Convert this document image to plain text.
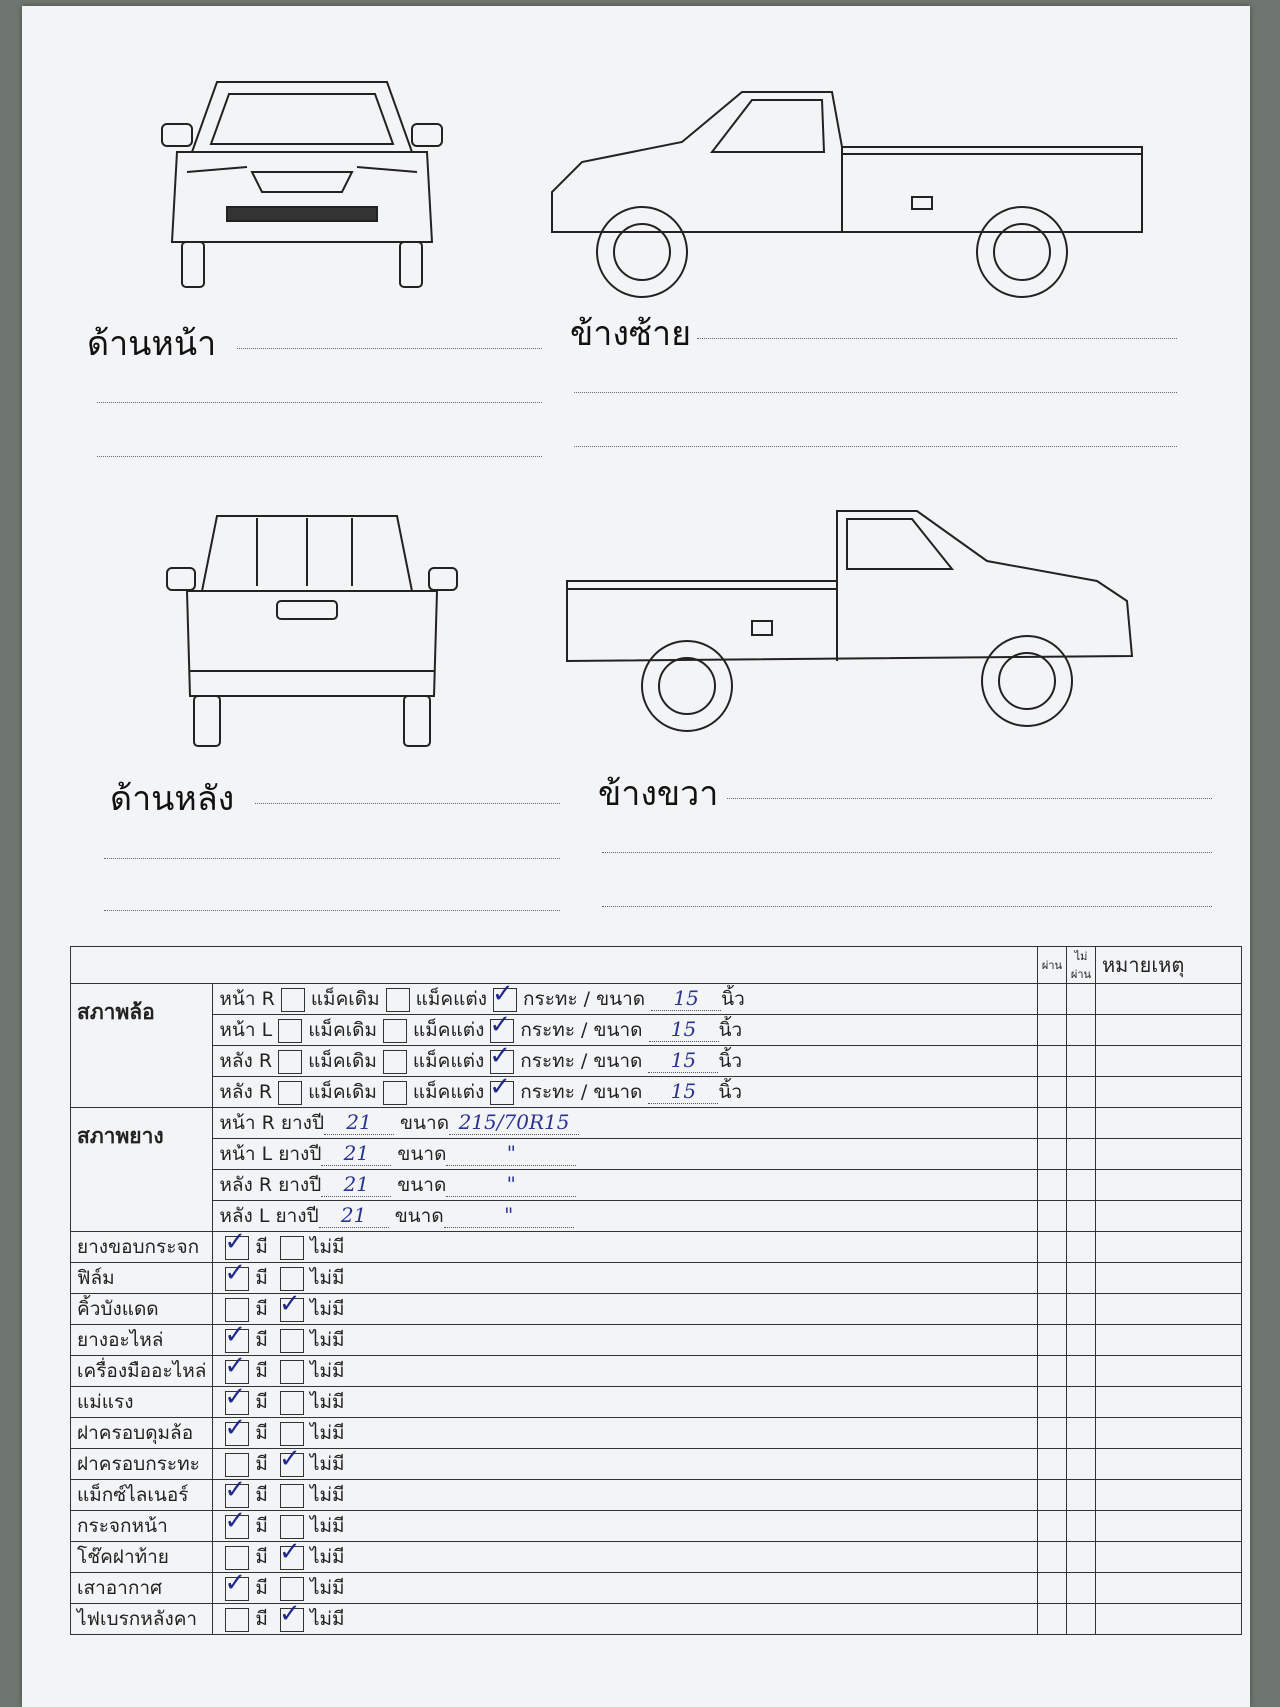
ด้านหน้า	ข้างซ้าย
ด้านหลัง	ข้างขวา
		ผ่าน	ไม่ผ่าน	หมายเหตุ
สภาพล้อ	หน้า R แม็คเดิม แม็คแต่ง ✓ กระทะ / ขนาด 15 นิ้ว			
	หน้า L แม็คเดิม แม็คแต่ง ✓ กระทะ / ขนาด 15 นิ้ว			
	หลัง R แม็คเดิม แม็คแต่ง ✓ กระทะ / ขนาด 15 นิ้ว			
	หลัง R แม็คเดิม แม็คแต่ง ✓ กระทะ / ขนาด 15 นิ้ว			
สภาพยาง	หน้า R ยางปี 21 ขนาด 215/70R15			
	หน้า L ยางปี 21 ขนาด "			
	หลัง R ยางปี 21 ขนาด "			
	หลัง L ยางปี 21 ขนาด "			
ยางขอบกระจก	✓ มี ไม่มี			
ฟิล์ม	✓ มี ไม่มี			
คิ้วบังแดด	มี ✓ ไม่มี			
ยางอะไหล่	✓ มี ไม่มี			
เครื่องมืออะไหล่	✓ มี ไม่มี			
แม่แรง	✓ มี ไม่มี			
ฝาครอบดุมล้อ	✓ มี ไม่มี			
ฝาครอบกระทะ	มี ✓ ไม่มี			
แม็กซ์ไลเนอร์	✓ มี ไม่มี			
กระจกหน้า	✓ มี ไม่มี			
โช๊คฝาท้าย	มี ✓ ไม่มี			
เสาอากาศ	✓ มี ไม่มี			
ไฟเบรกหลังคา	มี ✓ ไม่มี			
